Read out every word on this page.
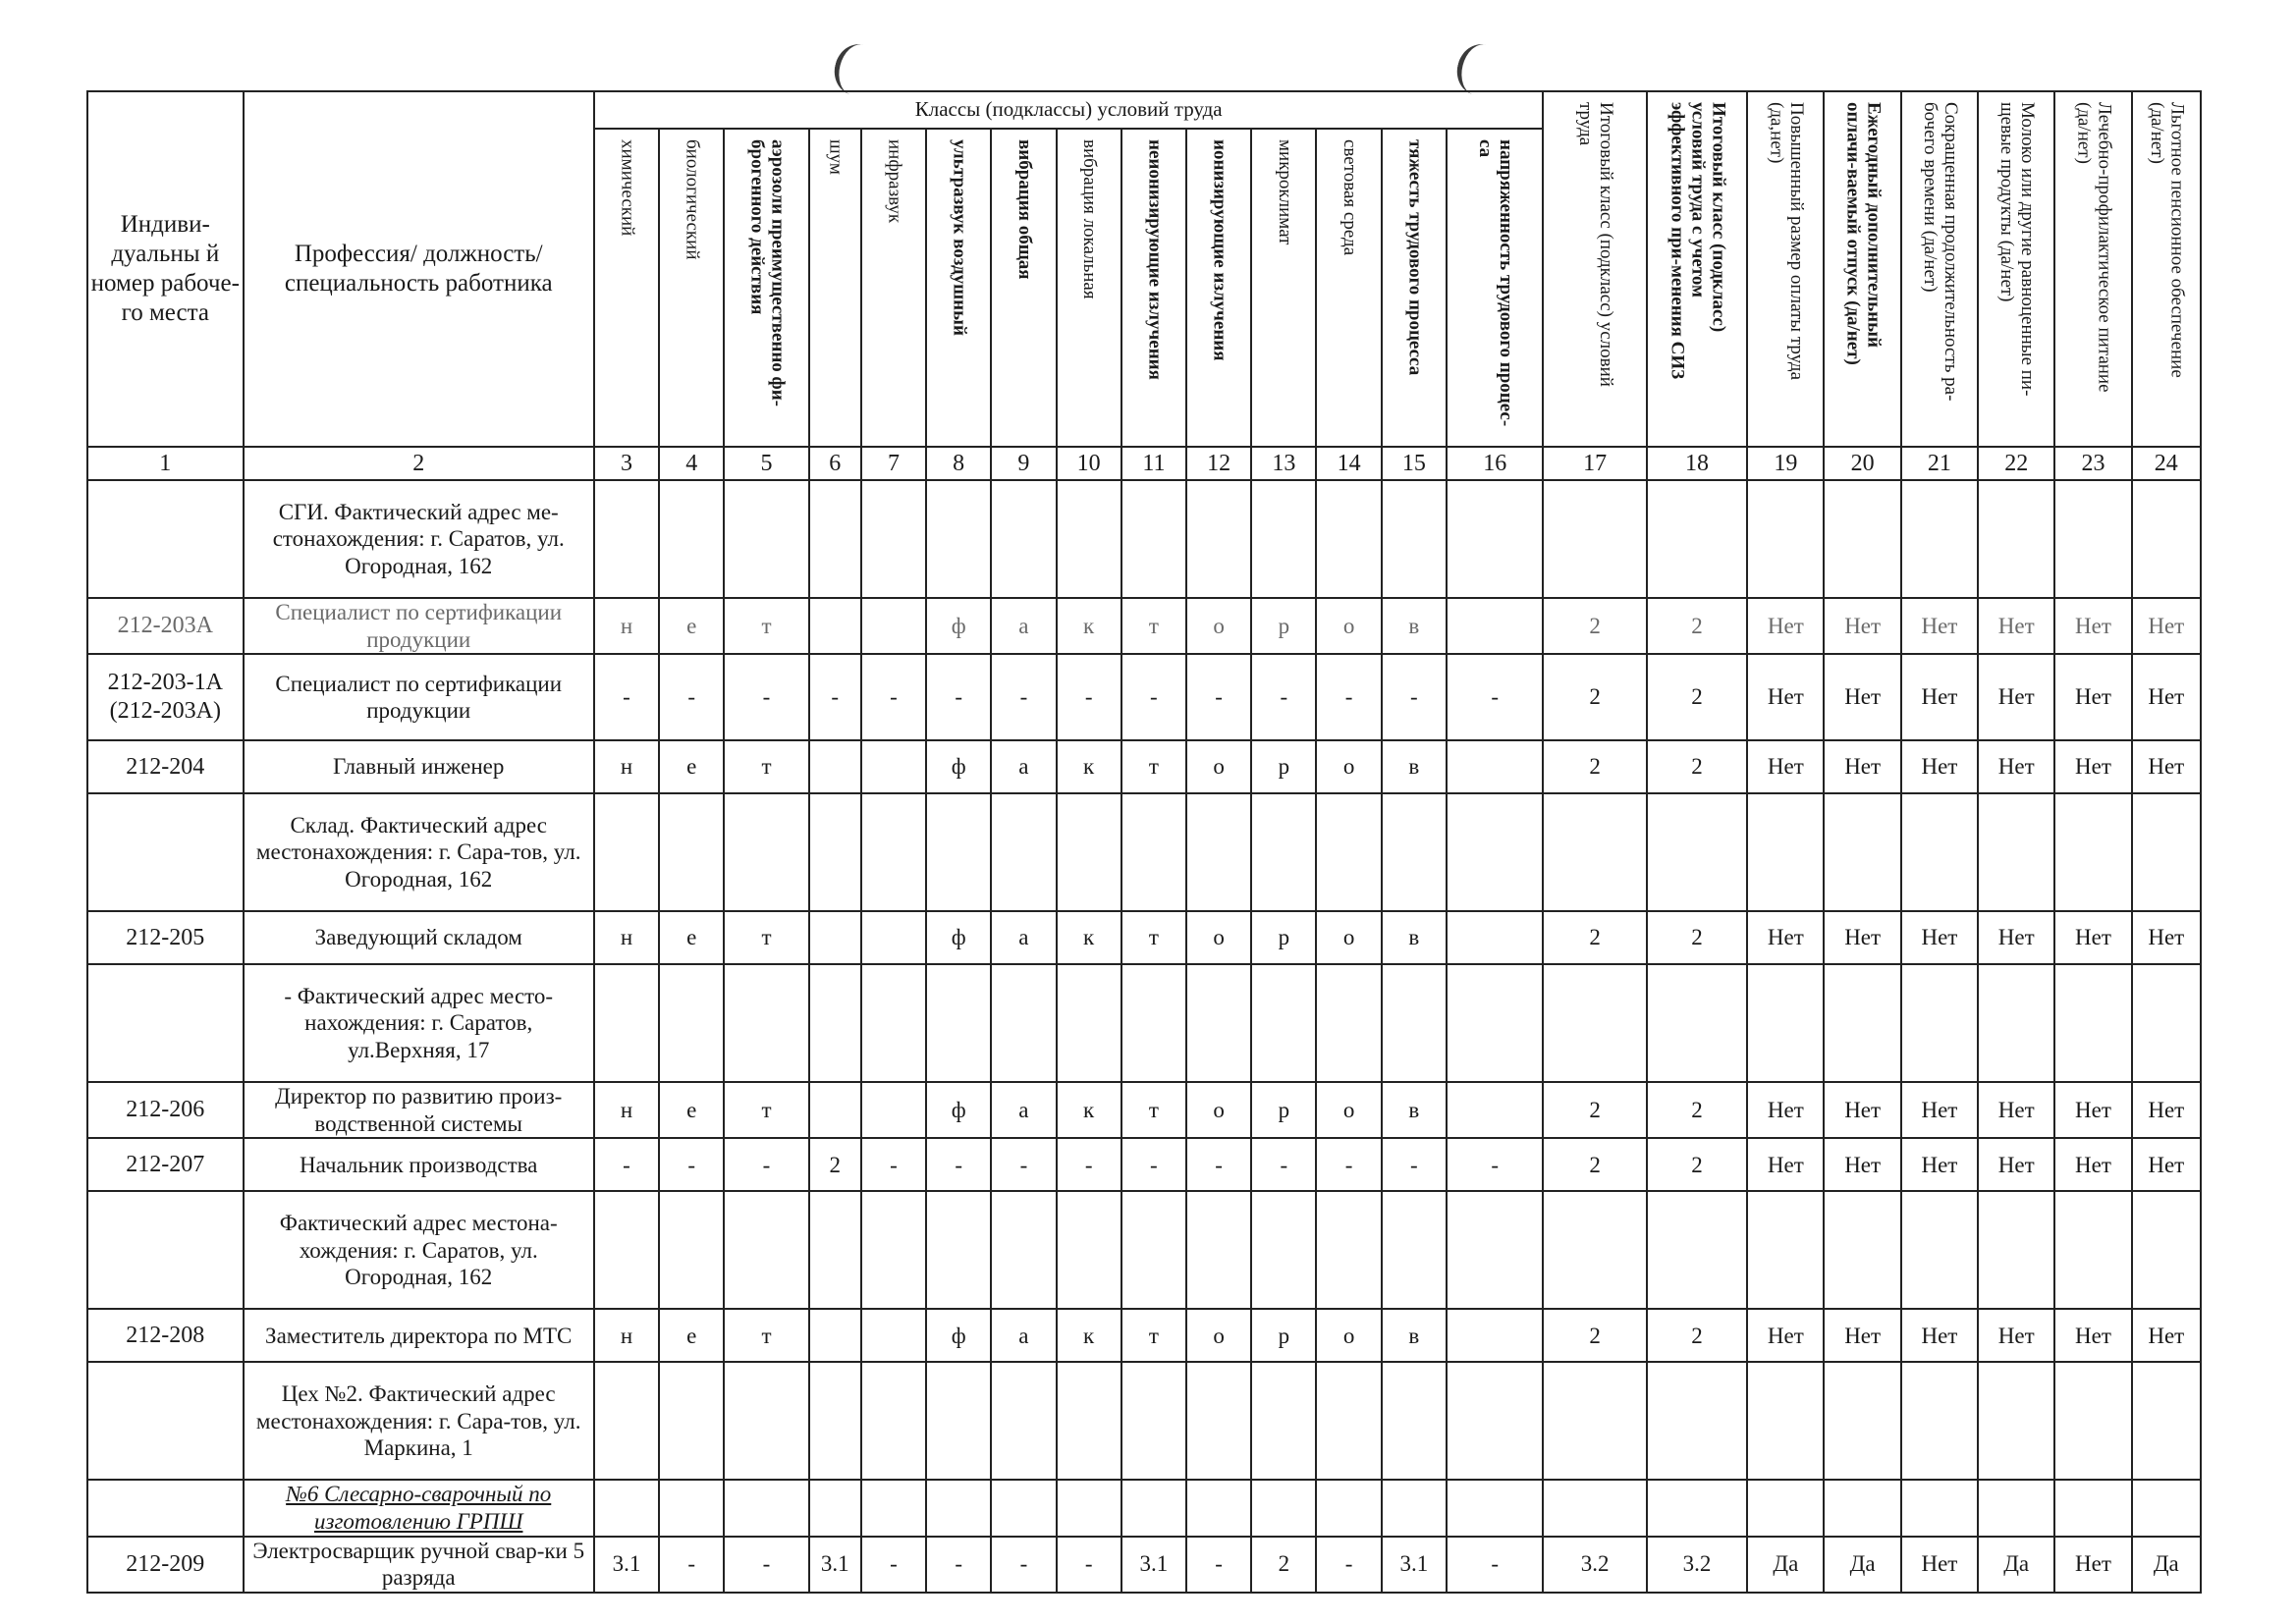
Индиви-дуальны й номер рабоче-го места	Профессия/ должность/ специальность работника	Классы (подклассы) условий труда														Итоговый класс (подкласс) условий труда	Итоговый класс (подкласс) условий труда с учетом эффективного при-менения СИЗ	Повышенный размер оплаты труда (да,нет)	Ежегодный дополнительный оплачи-ваемый отпуск (да/нет)	Сокращенная продолжительность ра-бочего времени (да/нет)	Молоко или другие равноценные пи-щевые продукты (да/нет)	Лечебно-профилактическое питание (да/нет)	Льготное пенсионное обеспечение (да/нет)

		химический	биологический	аэрозоли преимущественно фи-брогенного действия	шум	инфразвук	ультразвук воздушный	вибрация общая	вибрация локальная	неионизирующие излучения	ионизирующие излучения	микроклимат	световая среда	тяжесть трудового процесса	напряженность трудового процес-са								

1	2	3	4	5	6	7	8	9	10	11	12	13	14	15	16	17	18	19	20	21	22	23	24
	СГИ. Фактический адрес ме-стонахождения: г. Саратов, ул. Огородная, 162																						
212-203А	Специалист по сертификации продукции	н	е	т			ф	а	к	т	о	р	о	в		2	2	Нет	Нет	Нет	Нет	Нет	Нет
212-203-1А (212-203А)	Специалист по сертификации продукции	-	-	-	-	-	-	-	-	-	-	-	-	-	-	2	2	Нет	Нет	Нет	Нет	Нет	Нет
212-204	Главный инженер	н	е	т			ф	а	к	т	о	р	о	в		2	2	Нет	Нет	Нет	Нет	Нет	Нет
	Склад. Фактический адрес местонахождения: г. Сара-тов, ул. Огородная, 162																						
212-205	Заведующий складом	н	е	т			ф	а	к	т	о	р	о	в		2	2	Нет	Нет	Нет	Нет	Нет	Нет
	- Фактический адрес место-нахождения: г. Саратов, ул.Верхняя, 17																						
212-206	Директор по развитию произ-водственной системы	н	е	т			ф	а	к	т	о	р	о	в		2	2	Нет	Нет	Нет	Нет	Нет	Нет
212-207	Начальник производства	-	-	-	2	-	-	-	-	-	-	-	-	-	-	2	2	Нет	Нет	Нет	Нет	Нет	Нет
	Фактический адрес местона-хождения: г. Саратов, ул. Огородная, 162																						
212-208	Заместитель директора по МТС	н	е	т			ф	а	к	т	о	р	о	в		2	2	Нет	Нет	Нет	Нет	Нет	Нет
	Цех №2. Фактический адрес местонахождения: г. Сара-тов, ул. Маркина, 1																						
	№6 Слесарно-сварочный по изготовлению ГРПШ																						
212-209	Электросварщик ручной свар-ки 5 разряда	3.1	-	-	3.1	-	-	-	-	3.1	-	2	-	3.1	-	3.2	3.2	Да	Да	Нет	Да	Нет	Да
